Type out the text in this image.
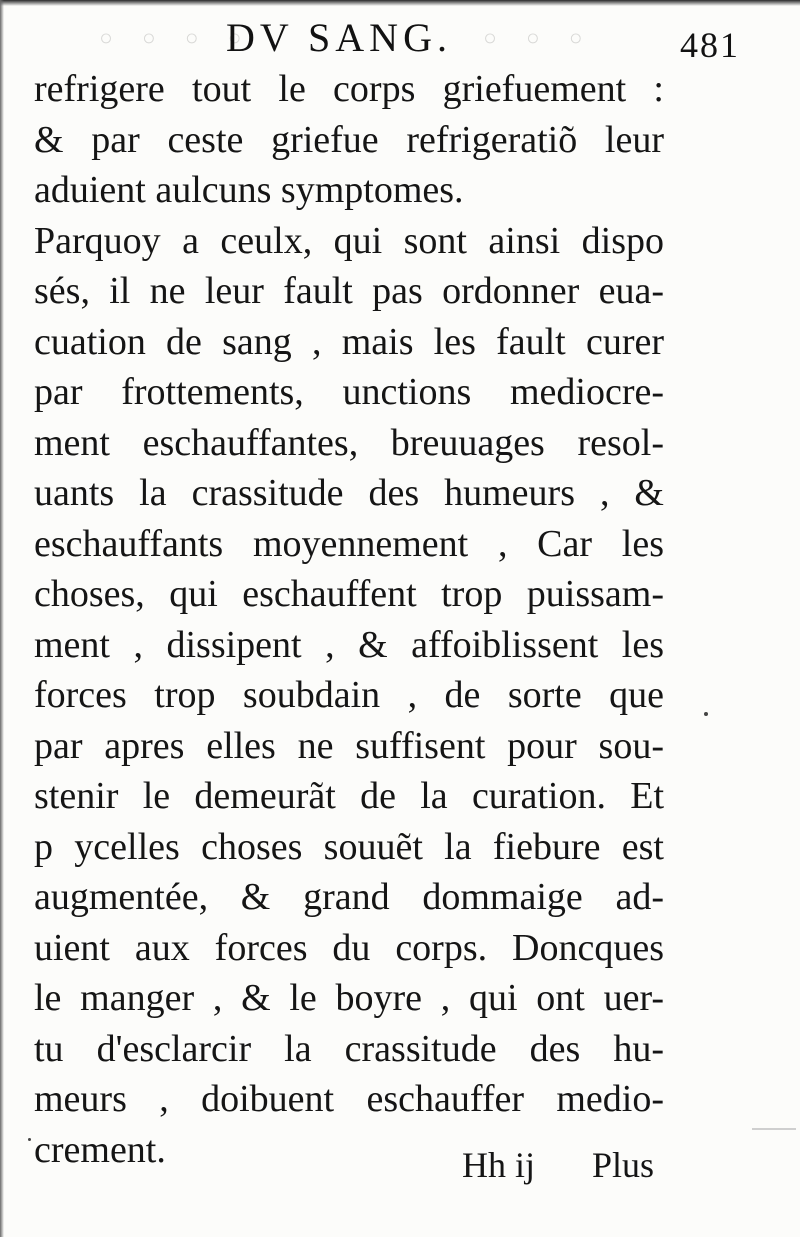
◦ ◦ ◦ ◦	◦ ◦ ◦
DV SANG.	481
refrigere tout le corps griefuement :
& par ceste griefue refrigeratiõ leur
aduient aulcuns symptomes.
Parquoy a ceulx, qui sont ainsi dispo
sés, il ne leur fault pas ordonner eua-
cuation de sang , mais les fault curer
par frottements, unctions mediocre-
ment eschauffantes, breuuages resol-
uants la crassitude des humeurs , &
eschauffants moyennement , Car les
choses, qui eschauffent trop puissam-
ment , dissipent , & affoiblissent les
forces trop soubdain , de sorte que
par apres elles ne suffisent pour sou-
stenir le demeurãt de la curation. Et
p ycelles choses souuẽt la fiebure est
augmentée, & grand dommaige ad-
uient aux forces du corps. Doncques
le manger , & le boyre , qui ont uer-
tu d'esclarcir la crassitude des hu-
meurs , doibuent eschauffer medio-
crement.	Hh ij Plus
